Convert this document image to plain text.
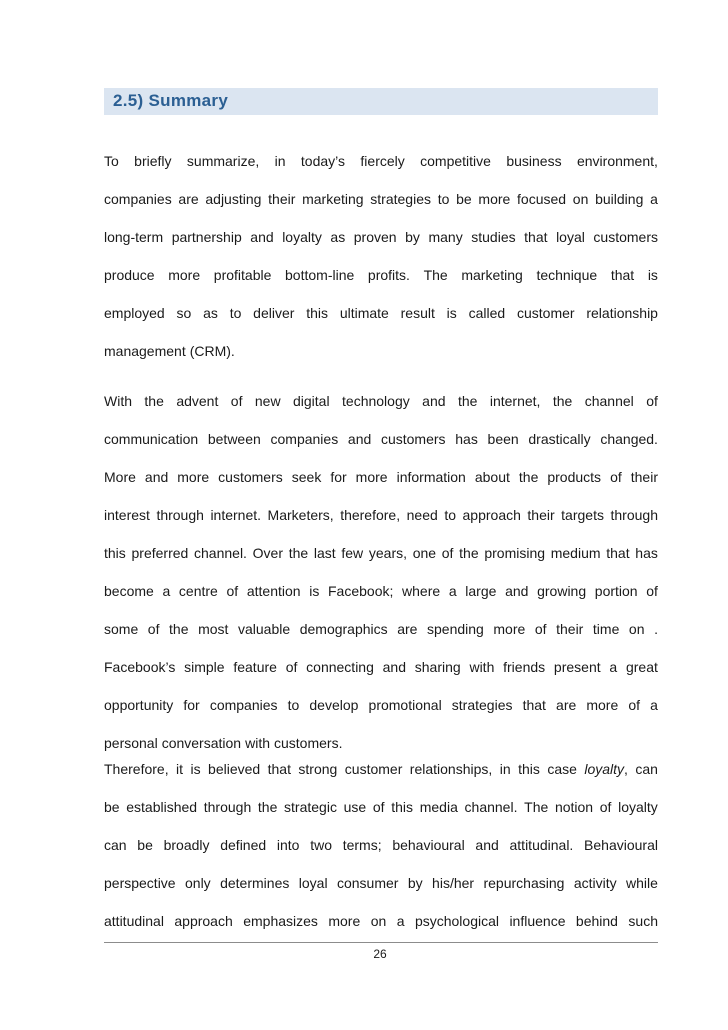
2.5) Summary
To briefly summarize, in today’s fiercely competitive business environment,
companies are adjusting their marketing strategies to be more focused on building a
long-term partnership and loyalty as proven by many studies that loyal customers
produce more profitable bottom-line profits. The marketing technique that is
employed so as to deliver this ultimate result is called customer relationship
management (CRM).
With the advent of new digital technology and the internet, the channel of
communication between companies and customers has been drastically changed.
More and more customers seek for more information about the products of their
interest through internet. Marketers, therefore, need to approach their targets through
this preferred channel. Over the last few years, one of the promising medium that has
become a centre of attention is Facebook; where a large and growing portion of
some of the most valuable demographics are spending more of their time on .
Facebook’s simple feature of connecting and sharing with friends present a great
opportunity for companies to develop promotional strategies that are more of a
personal conversation with customers.
Therefore, it is believed that strong customer relationships, in this case loyalty, can
be established through the strategic use of this media channel. The notion of loyalty
can be broadly defined into two terms; behavioural and attitudinal. Behavioural
perspective only determines loyal consumer by his/her repurchasing activity while
attitudinal approach emphasizes more on a psychological influence behind such
26
